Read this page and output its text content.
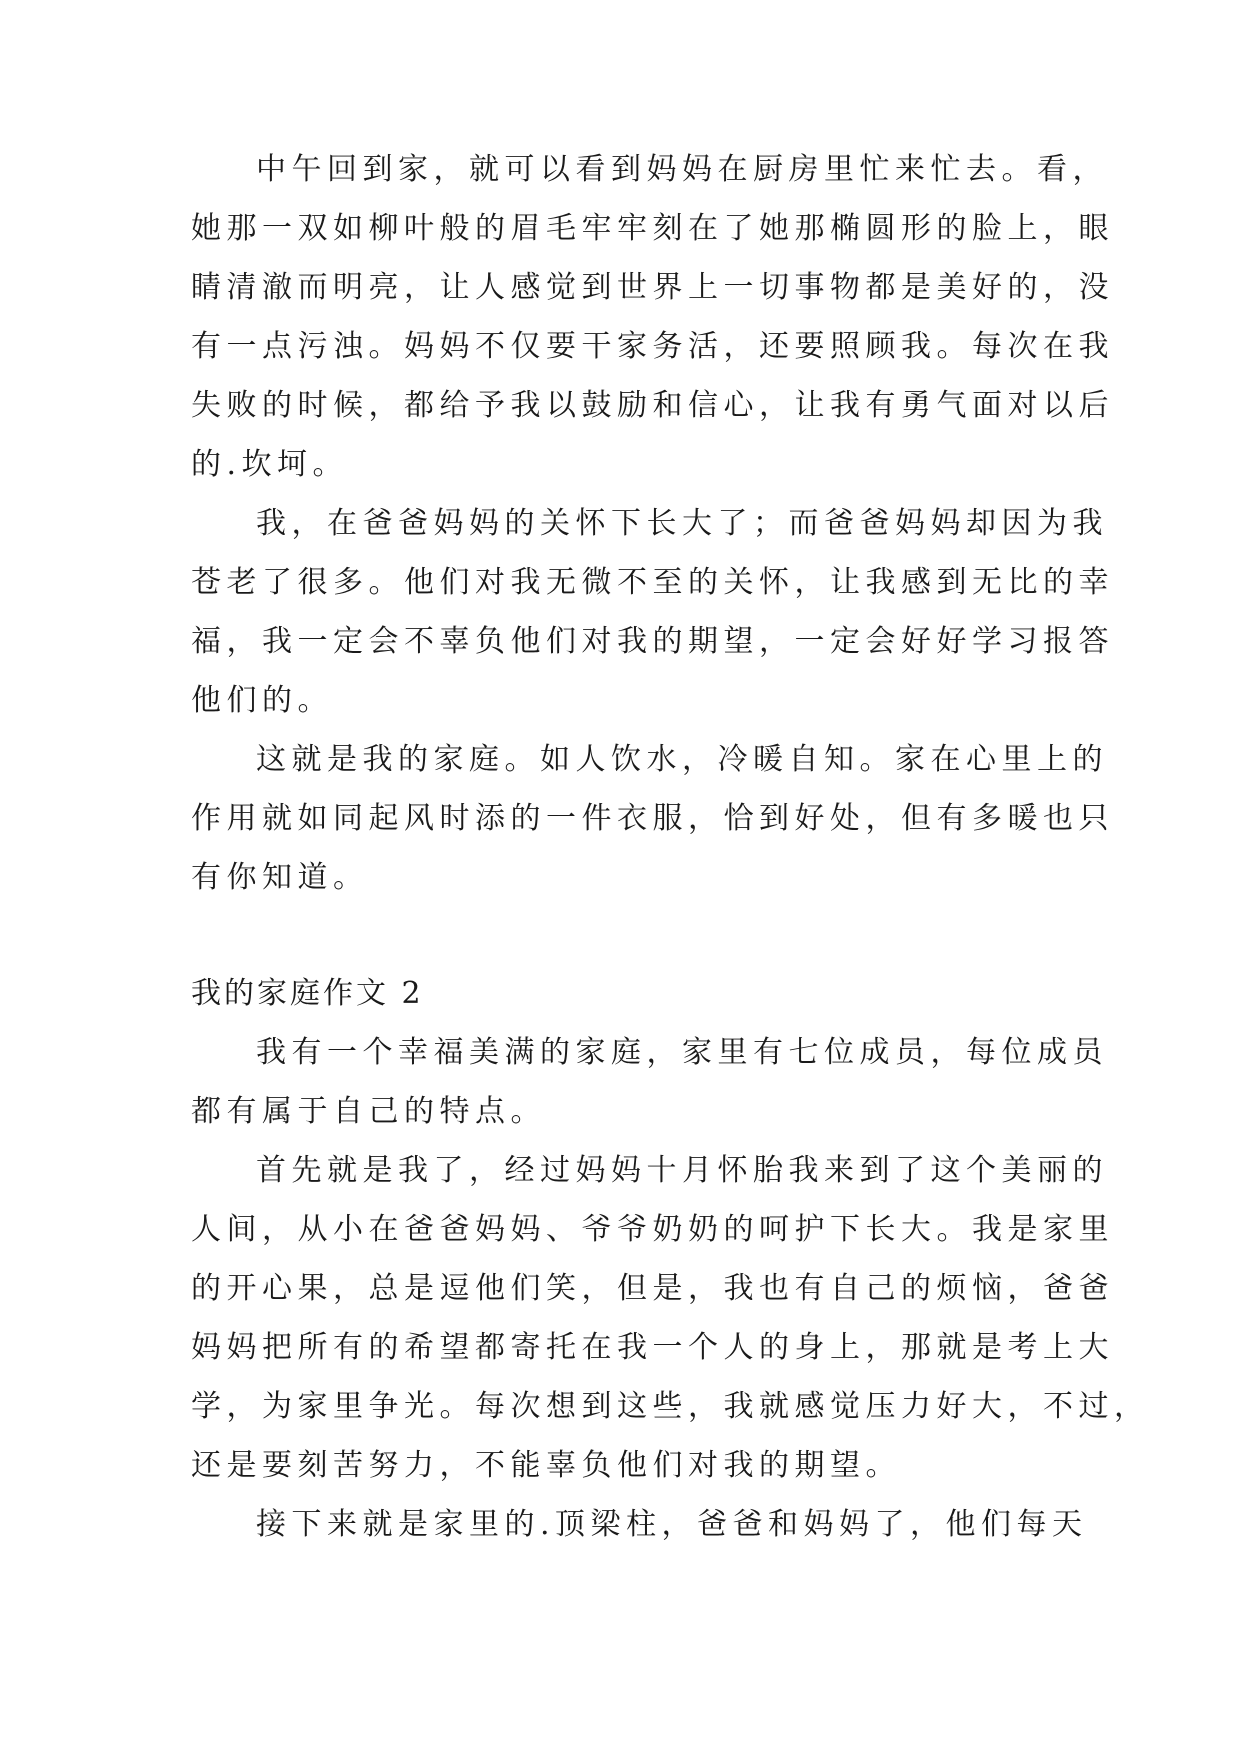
中午回到家，就可以看到妈妈在厨房里忙来忙去。看，
她那一双如柳叶般的眉毛牢牢刻在了她那椭圆形的脸上，眼
睛清澈而明亮，让人感觉到世界上一切事物都是美好的，没
有一点污浊。妈妈不仅要干家务活，还要照顾我。每次在我
失败的时候，都给予我以鼓励和信心，让我有勇气面对以后
的.坎坷。
我，在爸爸妈妈的关怀下长大了；而爸爸妈妈却因为我
苍老了很多。他们对我无微不至的关怀，让我感到无比的幸
福，我一定会不辜负他们对我的期望，一定会好好学习报答
他们的。
这就是我的家庭。如人饮水，冷暖自知。家在心里上的
作用就如同起风时添的一件衣服，恰到好处，但有多暖也只
有你知道。
我的家庭作文 2
我有一个幸福美满的家庭，家里有七位成员，每位成员
都有属于自己的特点。
首先就是我了，经过妈妈十月怀胎我来到了这个美丽的
人间，从小在爸爸妈妈、爷爷奶奶的呵护下长大。我是家里
的开心果，总是逗他们笑，但是，我也有自己的烦恼，爸爸
妈妈把所有的希望都寄托在我一个人的身上，那就是考上大
学，为家里争光。每次想到这些，我就感觉压力好大，不过，
还是要刻苦努力，不能辜负他们对我的期望。
接下来就是家里的.顶梁柱，爸爸和妈妈了，他们每天
